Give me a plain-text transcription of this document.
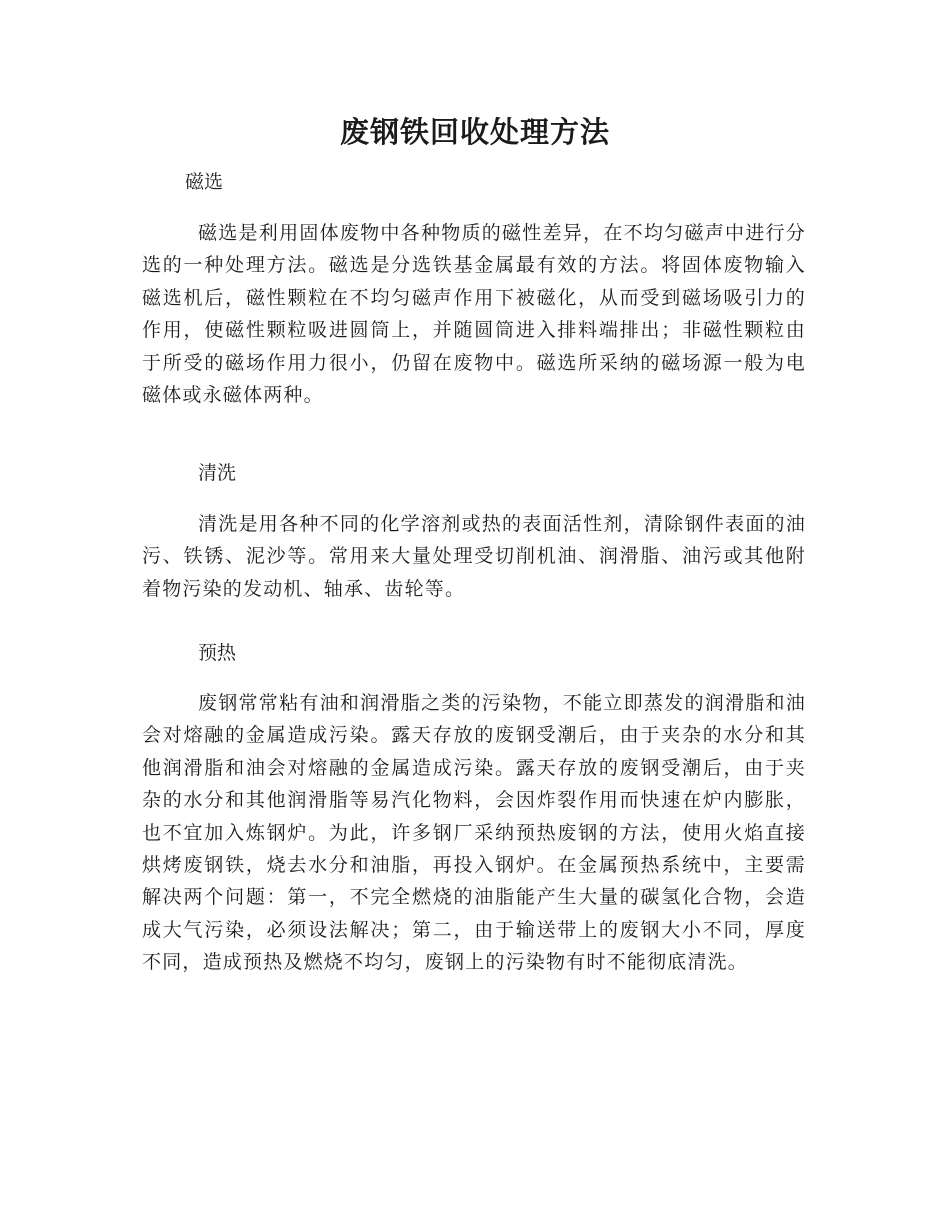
废钢铁回收处理方法

磁选

磁选是利用固体废物中各种物质的磁性差异，在不均匀磁声中进行分选的一种处理方法。磁选是分选铁基金属最有效的方法。将固体废物输入磁选机后，磁性颗粒在不均匀磁声作用下被磁化，从而受到磁场吸引力的作用，使磁性颗粒吸进圆筒上，并随圆筒进入排料端排出；非磁性颗粒由于所受的磁场作用力很小，仍留在废物中。磁选所采纳的磁场源一般为电磁体或永磁体两种。

清洗

清洗是用各种不同的化学溶剂或热的表面活性剂，清除钢件表面的油污、铁锈、泥沙等。常用来大量处理受切削机油、润滑脂、油污或其他附着物污染的发动机、轴承、齿轮等。

预热

废钢常常粘有油和润滑脂之类的污染物，不能立即蒸发的润滑脂和油会对熔融的金属造成污染。露天存放的废钢受潮后，由于夹杂的水分和其他润滑脂和油会对熔融的金属造成污染。露天存放的废钢受潮后，由于夹杂的水分和其他润滑脂等易汽化物料，会因炸裂作用而快速在炉内膨胀，也不宜加入炼钢炉。为此，许多钢厂采纳预热废钢的方法，使用火焰直接烘烤废钢铁，烧去水分和油脂，再投入钢炉。在金属预热系统中，主要需解决两个问题：第一，不完全燃烧的油脂能产生大量的碳氢化合物，会造成大气污染，必须设法解决；第二，由于输送带上的废钢大小不同，厚度不同，造成预热及燃烧不均匀，废钢上的污染物有时不能彻底清洗。
